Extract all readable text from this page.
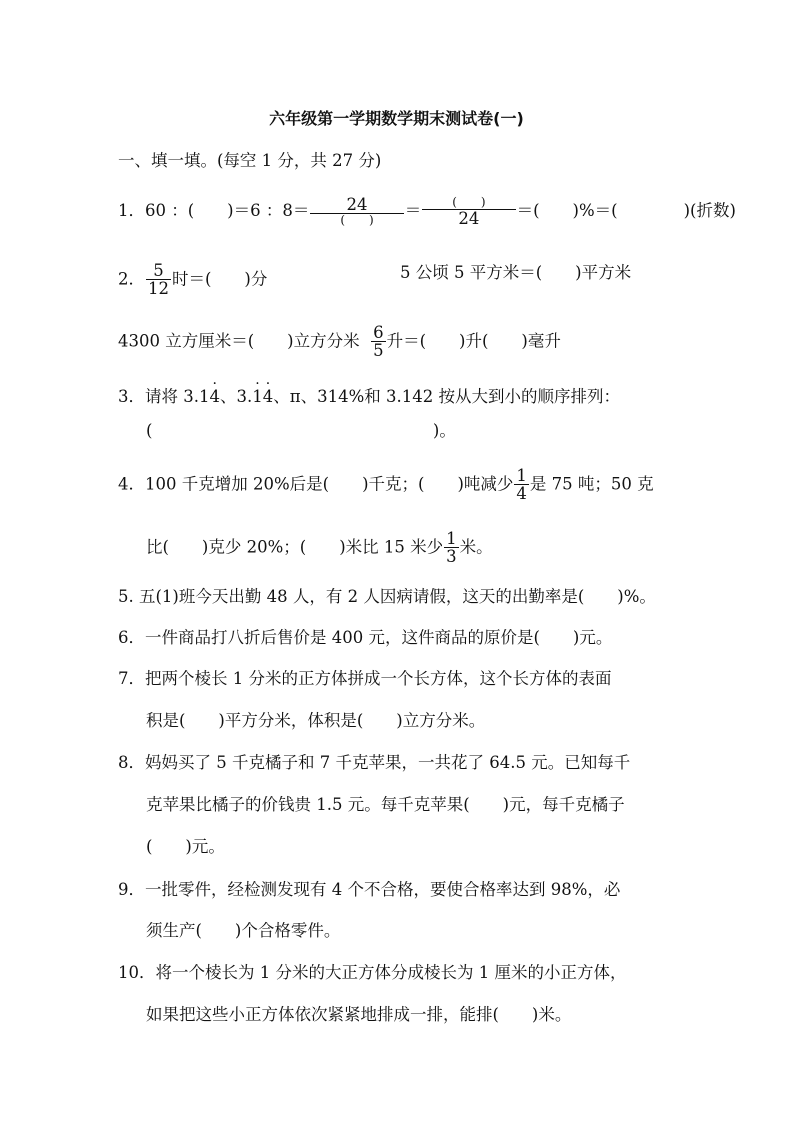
六年级第一学期数学期末测试卷(一)
一、填一填。(每空 1 分，共 27 分)
1．60 ：(　　)＝6 ：$8= \frac{24}{( )} = \frac{( )}{24}$ ＝(　　)%＝(　　　　)(折数)
2． $\frac{5}{12}$ 时＝(　　)分	5 公顷 5 平方米＝(　　)平方米
4300 立方厘米＝(　　)立方分米 $\frac{6}{5}$ 升＝(　　)升(　　)毫升
3．请将 3.1· 4、3.· 1· 4、π、314%和 3.142 按从大到小的顺序排列：
(　　　　　　　　　　　　　　　　　)。
4．100 千克增加 20%后是(　　)千克；(　　)吨减少 $\frac{1}{4}$ 是 75 吨；50 克
比(　　)克少 20%；(　　)米比 15 米少 $\frac{1}{3}$ 米。
5. 五(1)班今天出勤 48 人，有 2 人因病请假，这天的出勤率是(　　)%。
6．一件商品打八折后售价是 400 元，这件商品的原价是(　　)元。
7．把两个棱长 1 分米的正方体拼成一个长方体，这个长方体的表面
积是(　　)平方分米，体积是(　　)立方分米。
8．妈妈买了 5 千克橘子和 7 千克苹果，一共花了 64.5 元。已知每千
克苹果比橘子的价钱贵 1.5 元。每千克苹果(　　)元，每千克橘子
(　　)元。
9．一批零件，经检测发现有 4 个不合格，要使合格率达到 98%，必
须生产(　　)个合格零件。
10．将一个棱长为 1 分米的大正方体分成棱长为 1 厘米的小正方体，
如果把这些小正方体依次紧紧地排成一排，能排(　　)米。
